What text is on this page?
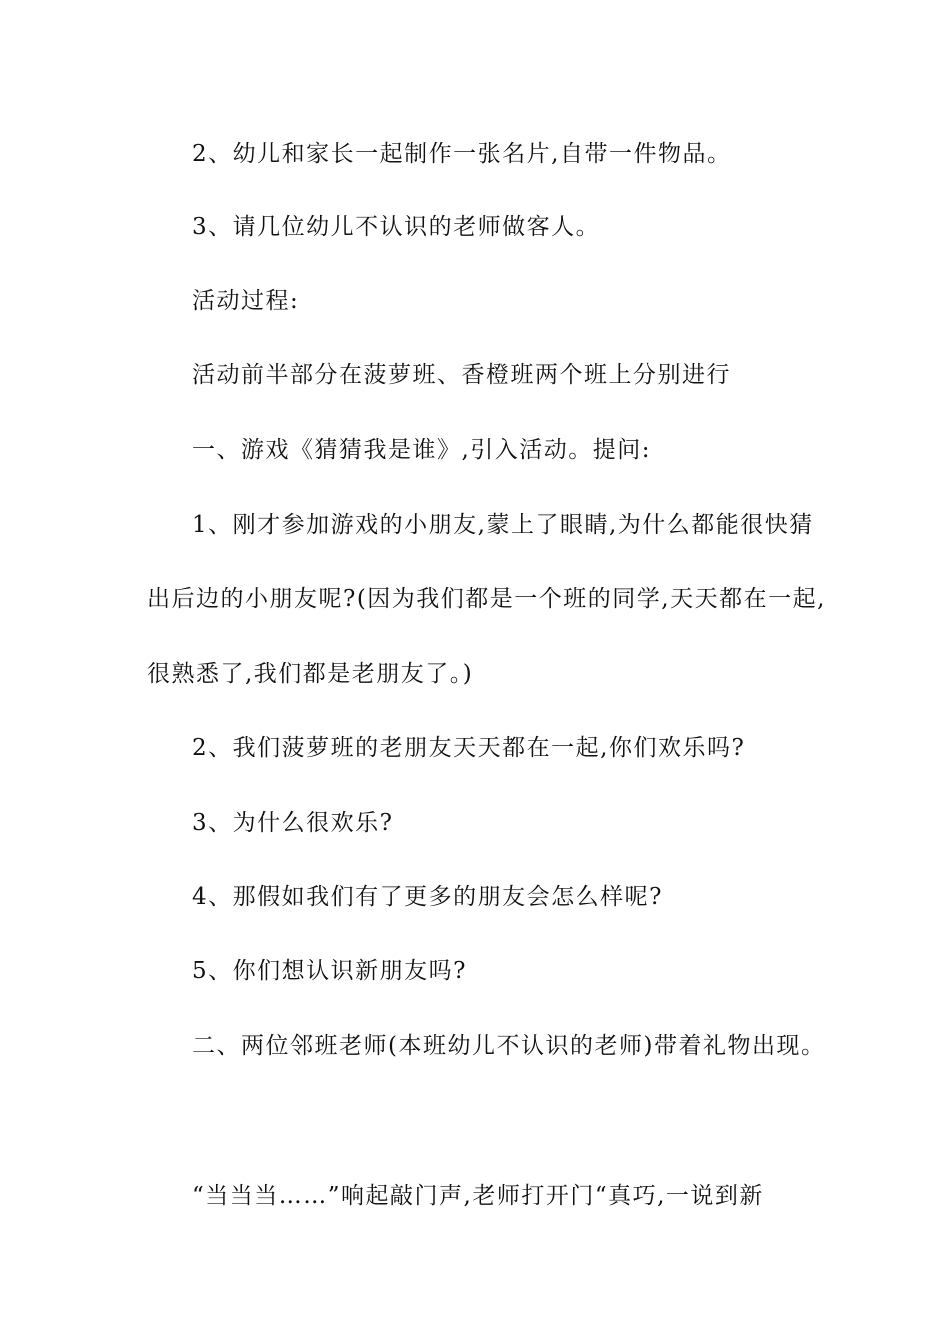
2、幼儿和家长一起制作一张名片,自带一件物品。
3、请几位幼儿不认识的老师做客人。
活动过程:
活动前半部分在菠萝班、香橙班两个班上分别进行
一、游戏《猜猜我是谁》,引入活动。提问:
1、刚才参加游戏的小朋友,蒙上了眼睛,为什么都能很快猜
出后边的小朋友呢?(因为我们都是一个班的同学,天天都在一起,
很熟悉了,我们都是老朋友了。)
2、我们菠萝班的老朋友天天都在一起,你们欢乐吗?
3、为什么很欢乐?
4、那假如我们有了更多的朋友会怎么样呢?
5、你们想认识新朋友吗?
二、两位邻班老师(本班幼儿不认识的老师)带着礼物出现。
“当当当……”响起敲门声,老师打开门“真巧,一说到新
